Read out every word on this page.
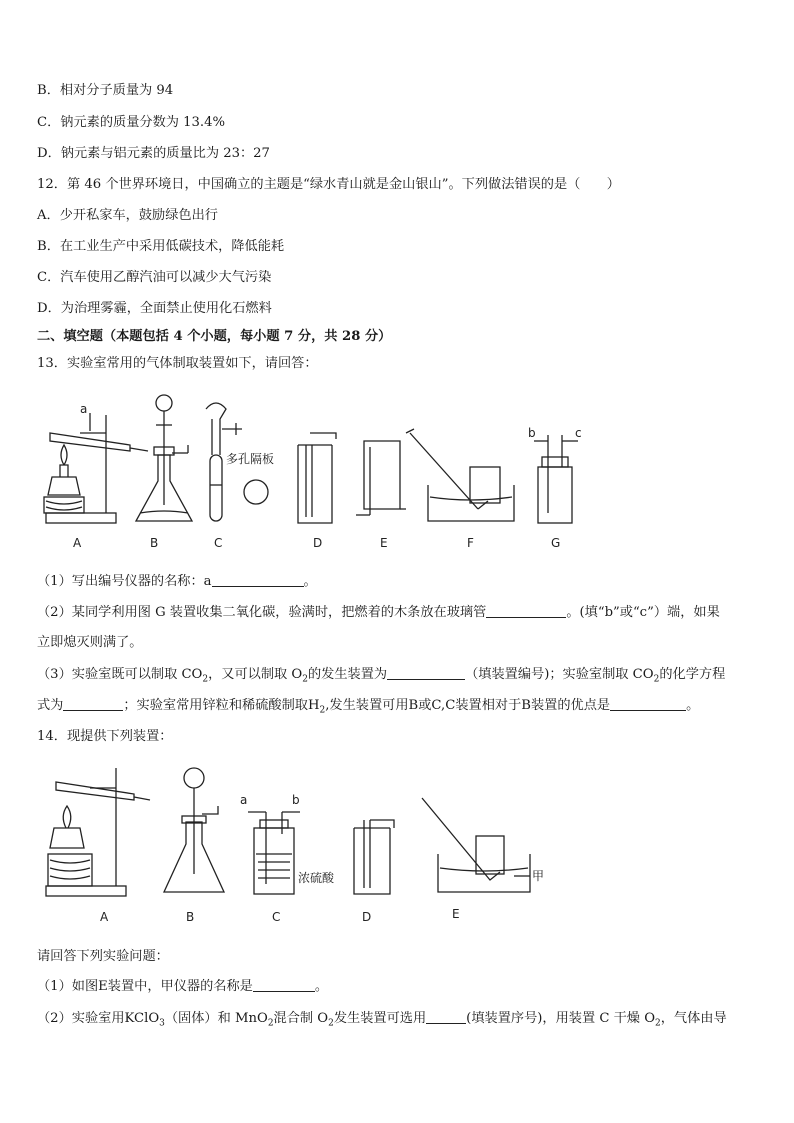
B．相对分子质量为 94
C．钠元素的质量分数为 13.4%
D．钠元素与铝元素的质量比为 23：27
12．第 46 个世界环境日，中国确立的主题是“绿水青山就是金山银山”。下列做法错误的是（　　）
A．少开私家车，鼓励绿色出行
B．在工业生产中采用低碳技术，降低能耗
C．汽车使用乙醇汽油可以减少大气污染
D．为治理雾霾，全面禁止使用化石燃料
二、填空题（本题包括 4 个小题，每小题 7 分，共 28 分）
13．实验室常用的气体制取装置如下，请回答：
a
b	c
多孔隔板
A	B	C	D	E	F	G
（1）写出编号仪器的名称：a	。
（2）某同学利用图 G 装置收集二氧化碳，验满时，把燃着的木条放在玻璃管	。(填“b”或“c”）端，如果
立即熄灭则满了。
（3）实验室既可以制取 $CO_2$，又可以制取 $O_2$的发生装置为	（填装置编号)；实验室制取 $CO_2$的化学方程
式为	；实验室常用锌粒和稀硫酸制取$H_2$,发生装置可用B或C,C装置相对于B装置的优点是	。
14．现提供下列装置：
a	b
浓硫酸	甲
A	B	C	D	E
请回答下列实验问题：
（1）如图E装置中，甲仪器的名称是	。
（2）实验室用KClO$_3$（固体）和 MnO$_2$混合制 $O_2$发生装置可选用	(填装置序号)，用装置 C 干燥 $O_2$，气体由导
